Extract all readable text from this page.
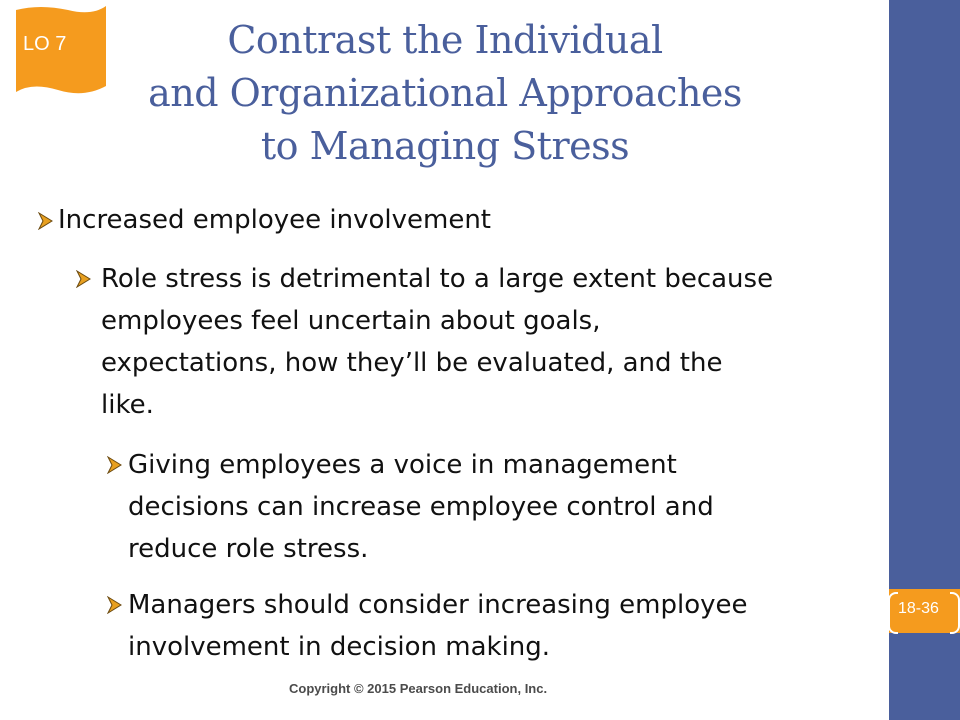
LO 7	Contrast the Individual
and Organizational Approaches
to Managing Stress
Increased employee involvement
Role stress is detrimental to a large extent because
employees feel uncertain about goals,
expectations, how they’ll be evaluated, and the
like.
Giving employees a voice in management
decisions can increase employee control and
reduce role stress.
Managers should consider increasing employee
involvement in decision making.
18-36
Copyright © 2015 Pearson Education, Inc.
